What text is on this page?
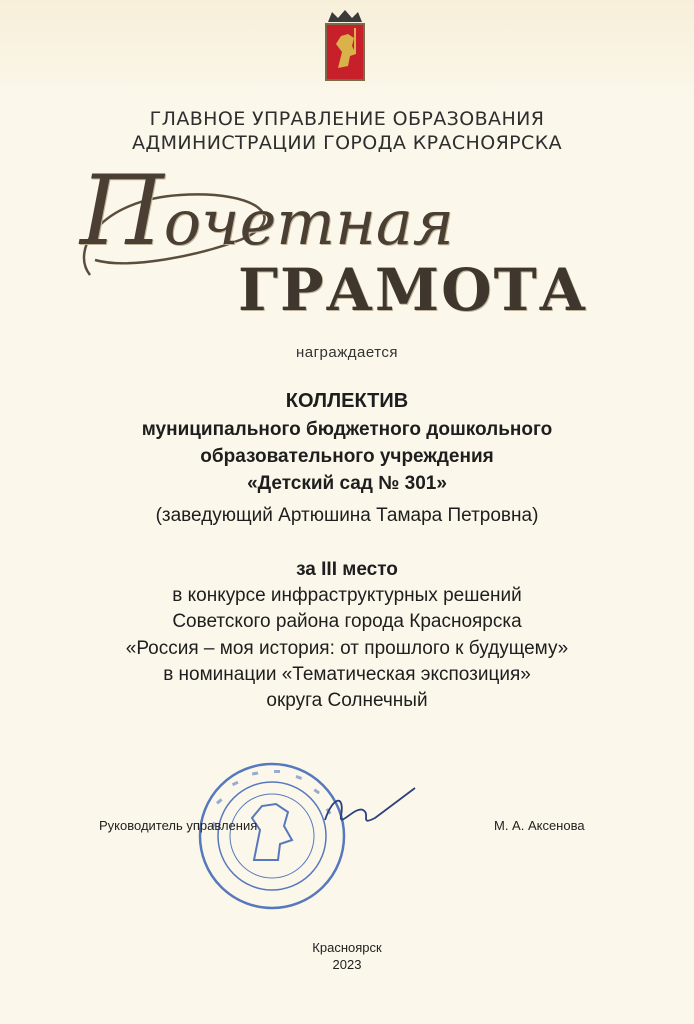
ГЛАВНОЕ УПРАВЛЕНИЕ ОБРАЗОВАНИЯ

АДМИНИСТРАЦИИ ГОРОДА КРАСНОЯРСКА

Почетная
ГРАМОТА
награждается
КОЛЛЕКТИВ
муниципального бюджетного дошкольного
образовательного учреждения
«Детский сад № 301»
(заведующий Артюшина Тамара Петровна)
за III место
в конкурсе инфраструктурных решений
Советского района города Красноярска
«Россия – моя история: от прошлого к будущему»
в номинации «Тематическая экспозиция»
округа Солнечный
Руководитель управления	М. А. Аксенова
Красноярск
2023
